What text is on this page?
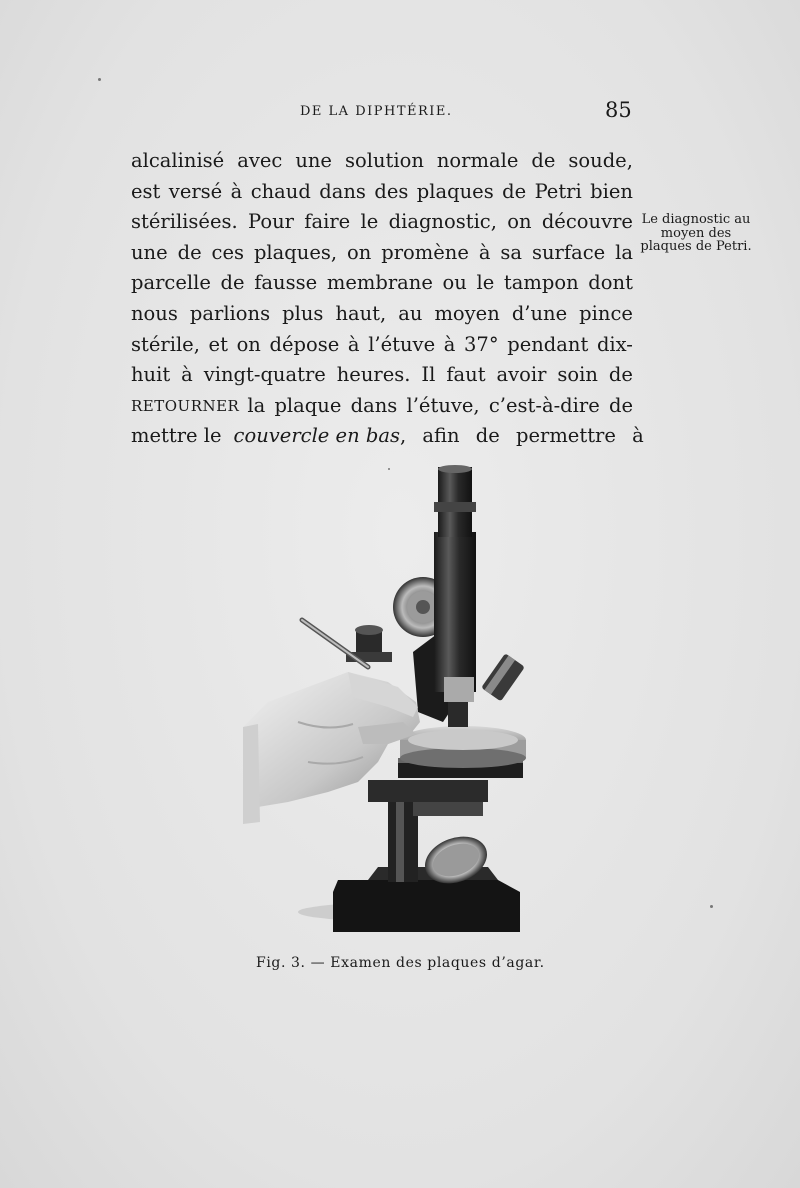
DE LA DIPHTÉRIE.	85
alcalinisé avec une solution normale de soude,
est versé à chaud dans des plaques de Petri bien
stérilisées. Pour faire le diagnostic, on découvre
une de ces plaques, on promène à sa surface la
parcelle de fausse membrane ou le tampon dont
nous parlions plus haut, au moyen d’une pince
stérile, et on dépose à l’étuve à 37° pendant dix-
huit à vingt-quatre heures. Il faut avoir soin de
RETOURNER la plaque dans l’étuve, c’est-à-dire de
mettre le couvercle en bas , afin de permettre à
Le diagnostic au
moyen des
plaques de Petri.
Fig. 3. — Examen des plaques d’agar.
